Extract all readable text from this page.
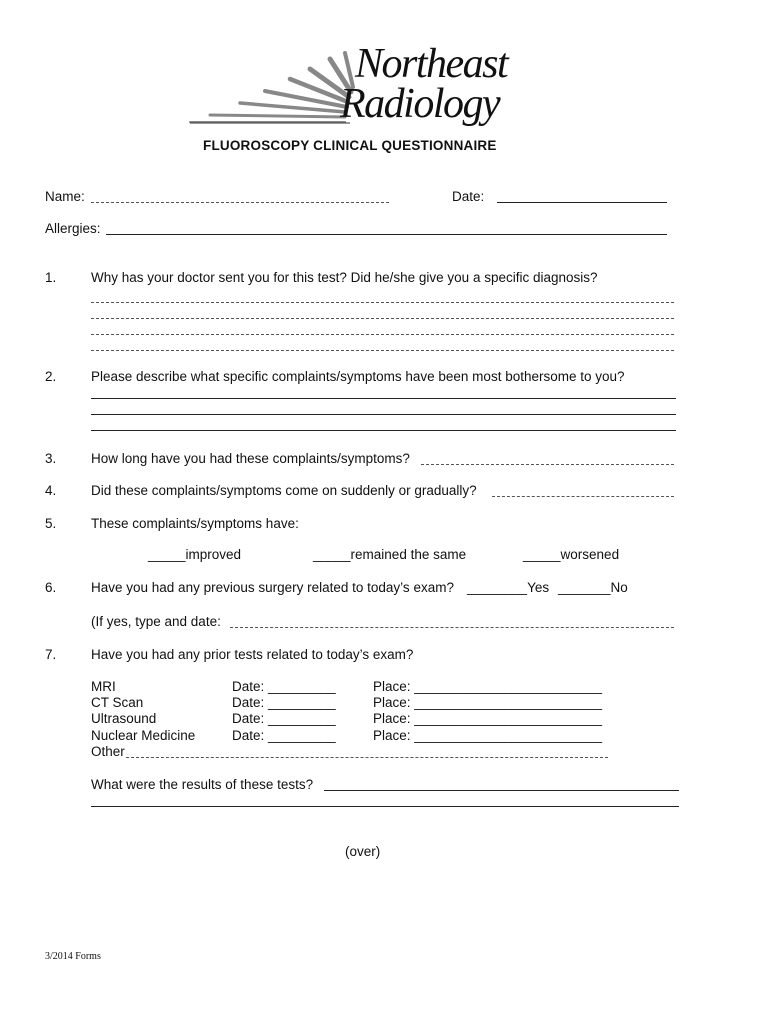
Northeast
Radiology
FLUOROSCOPY CLINICAL QUESTIONNAIRE
Name:	Date:
Allergies:
1.	Why has your doctor sent you for this test? Did he/she give you a specific diagnosis?
2.	Please describe what specific complaints/symptoms have been most bothersome to you?
3.	How long have you had these complaints/symptoms?
4.	Did these complaints/symptoms come on suddenly or gradually?
5.	These complaints/symptoms have:
_____improved	_____remained the same	_____worsened
6.	Have you had any previous surgery related to today’s exam? ________Yes _______No
(If yes, type and date:
7.	Have you had any prior tests related to today’s exam?
MRI	Date: _________	Place: _________________________
CT Scan	Date: _________	Place: _________________________
Ultrasound	Date: _________	Place: _________________________
Nuclear Medicine	Date: _________	Place: _________________________
Other
What were the results of these tests?
(over)
3/2014 Forms
